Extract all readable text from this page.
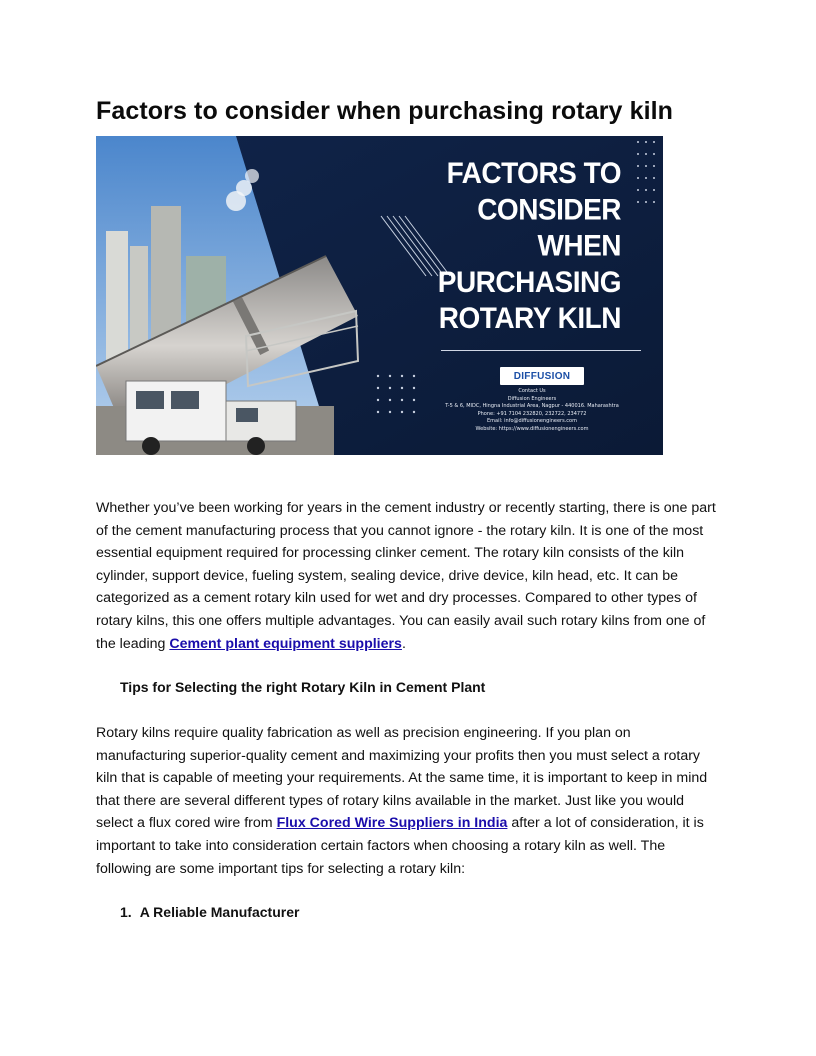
Factors to consider when purchasing rotary kiln
FACTORS TO
CONSIDER
WHEN
PURCHASING
ROTARY KILN
DIFFUSION
Contact Us
Diffusion Engineers
T-5 & 6, MIDC, Hingna Industrial Area, Nagpur - 440016. Maharashtra
Phone: +91 7104 232820, 232722, 234772
Email: info@diffusionengineers.com
Website: https://www.diffusionengineers.com

Whether you’ve been working for years in the cement industry or recently starting, there is one part of the cement manufacturing process that you cannot ignore - the rotary kiln. It is one of the most essential equipment required for processing clinker cement. The rotary kiln consists of the kiln cylinder, support device, fueling system, sealing device, drive device, kiln head, etc. It can be categorized as a cement rotary kiln used for wet and dry processes. Compared to other types of rotary kilns, this one offers multiple advantages. You can easily avail such rotary kilns from one of the leading Cement plant equipment suppliers.

Tips for Selecting the right Rotary Kiln in Cement Plant

Rotary kilns require quality fabrication as well as precision engineering. If you plan on manufacturing superior-quality cement and maximizing your profits then you must select a rotary kiln that is capable of meeting your requirements. At the same time, it is important to keep in mind that there are several different types of rotary kilns available in the market. Just like you would select a flux cored wire from Flux Cored Wire Suppliers in India after a lot of consideration, it is important to take into consideration certain factors when choosing a rotary kiln as well. The following are some important tips for selecting a rotary kiln:

1. A Reliable Manufacturer
